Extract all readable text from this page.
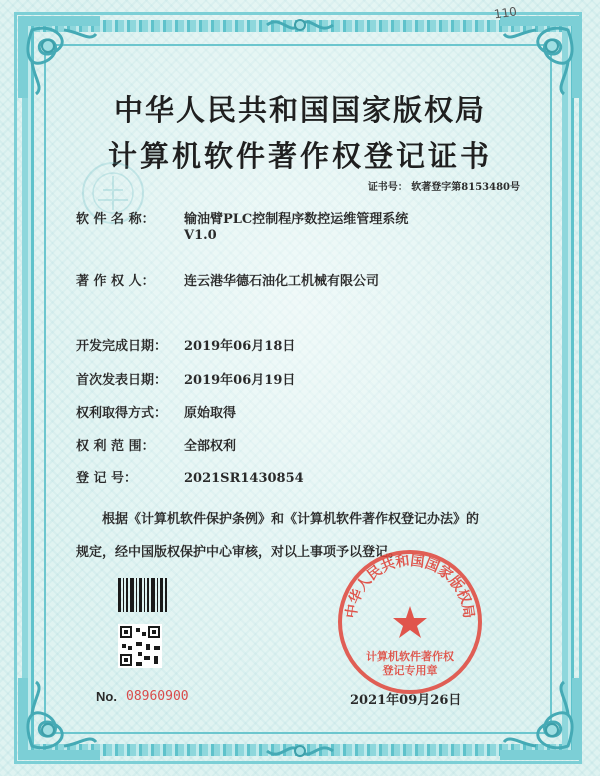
110
中华人民共和国国家版权局
计算机软件著作权登记证书
证书号： 软著登字第8153480号
软 件 名 称： 输油臂PLC控制程序数控运维管理系统
V1.0
著 作 权 人： 连云港华德石油化工机械有限公司
开发完成日期： 2019年06月18日
首次发表日期： 2019年06月19日
权利取得方式： 原始取得
权 利 范 围： 全部权利
登 记 号：	2021SR1430854
根据《计算机软件保护条例》和《计算机软件著作权登记办法》的
规定，经中国版权保护中心审核，对以上事项予以登记。
No. 08960900
中华人民共和国国家版权局
计算机软件著作权
登记专用章
2021年09月26日
